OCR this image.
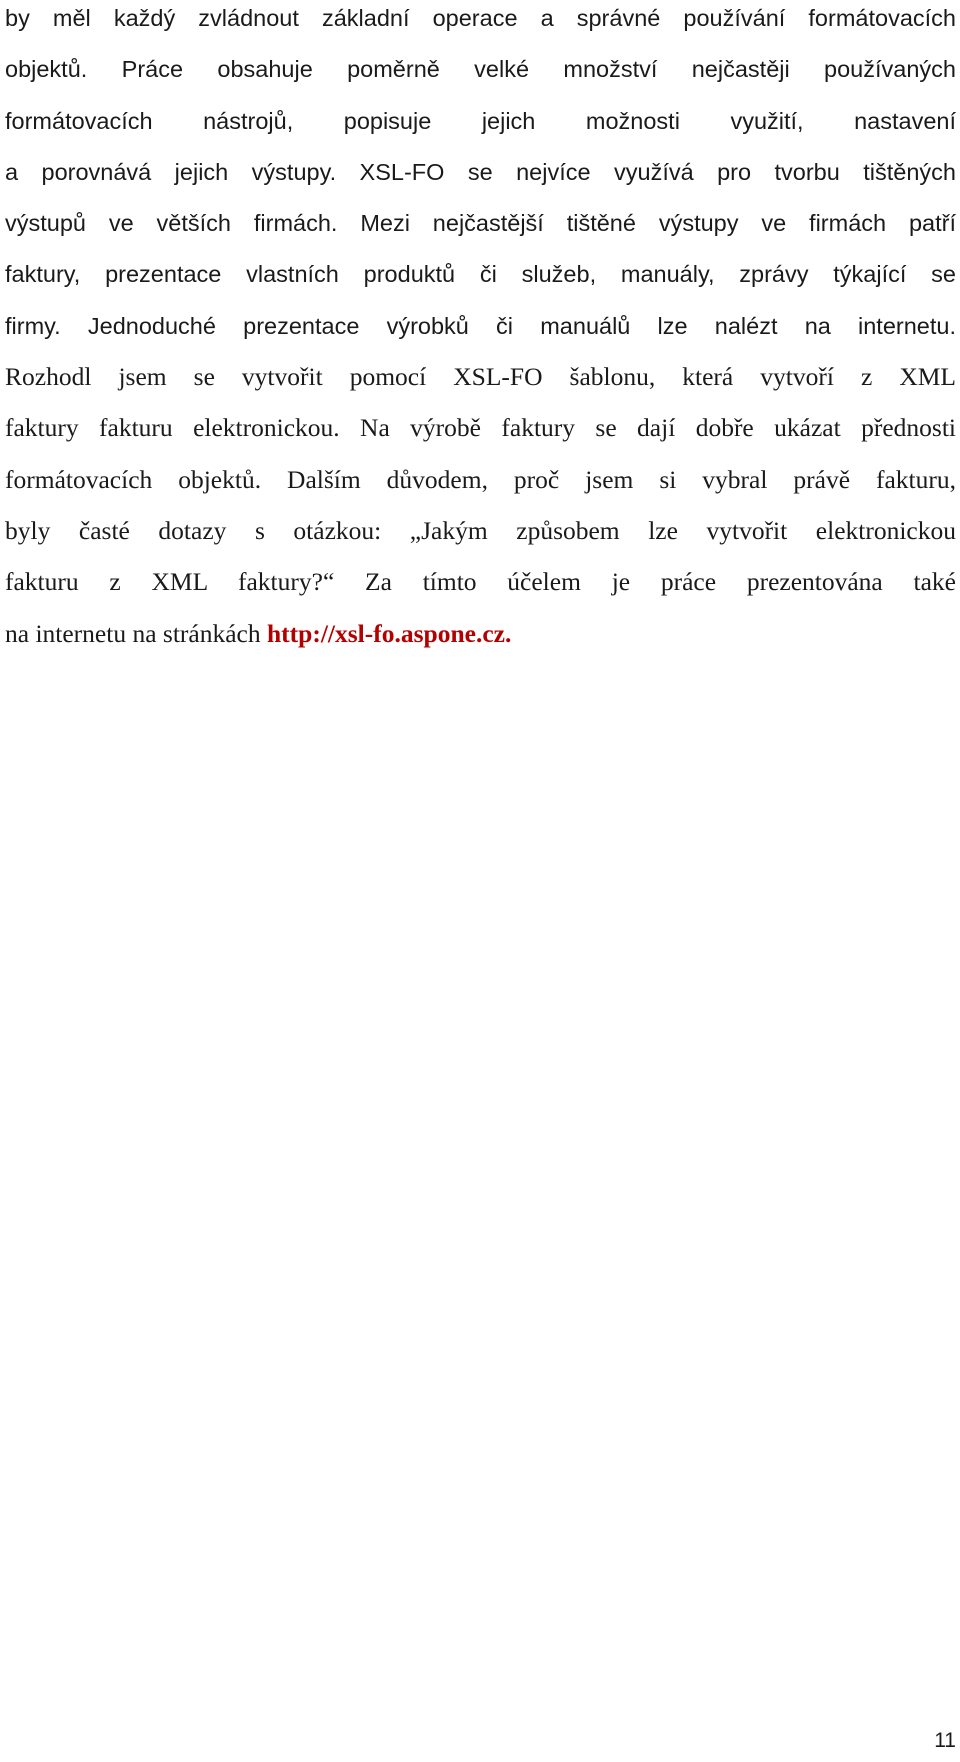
by měl každý zvládnout základní operace a správné používání formátovacích
objektů. Práce obsahuje poměrně velké množství nejčastěji používaných
formátovacích nástrojů, popisuje jejich možnosti využití, nastavení
a porovnává jejich výstupy. XSL-FO se nejvíce využívá pro tvorbu tištěných
výstupů ve větších firmách. Mezi nejčastější tištěné výstupy ve firmách patří
faktury, prezentace vlastních produktů či služeb, manuály, zprávy týkající se
firmy. Jednoduché prezentace výrobků či manuálů lze nalézt na internetu.
Rozhodl jsem se vytvořit pomocí XSL-FO šablonu, která vytvoří z XML
faktury fakturu elektronickou. Na výrobě faktury se dají dobře ukázat přednosti
formátovacích objektů. Dalším důvodem, proč jsem si vybral právě fakturu,
byly časté dotazy s otázkou: „Jakým způsobem lze vytvořit elektronickou
fakturu z XML faktury?“ Za tímto účelem je práce prezentována také
na internetu na stránkách http://xsl-fo.aspone.cz.
11
